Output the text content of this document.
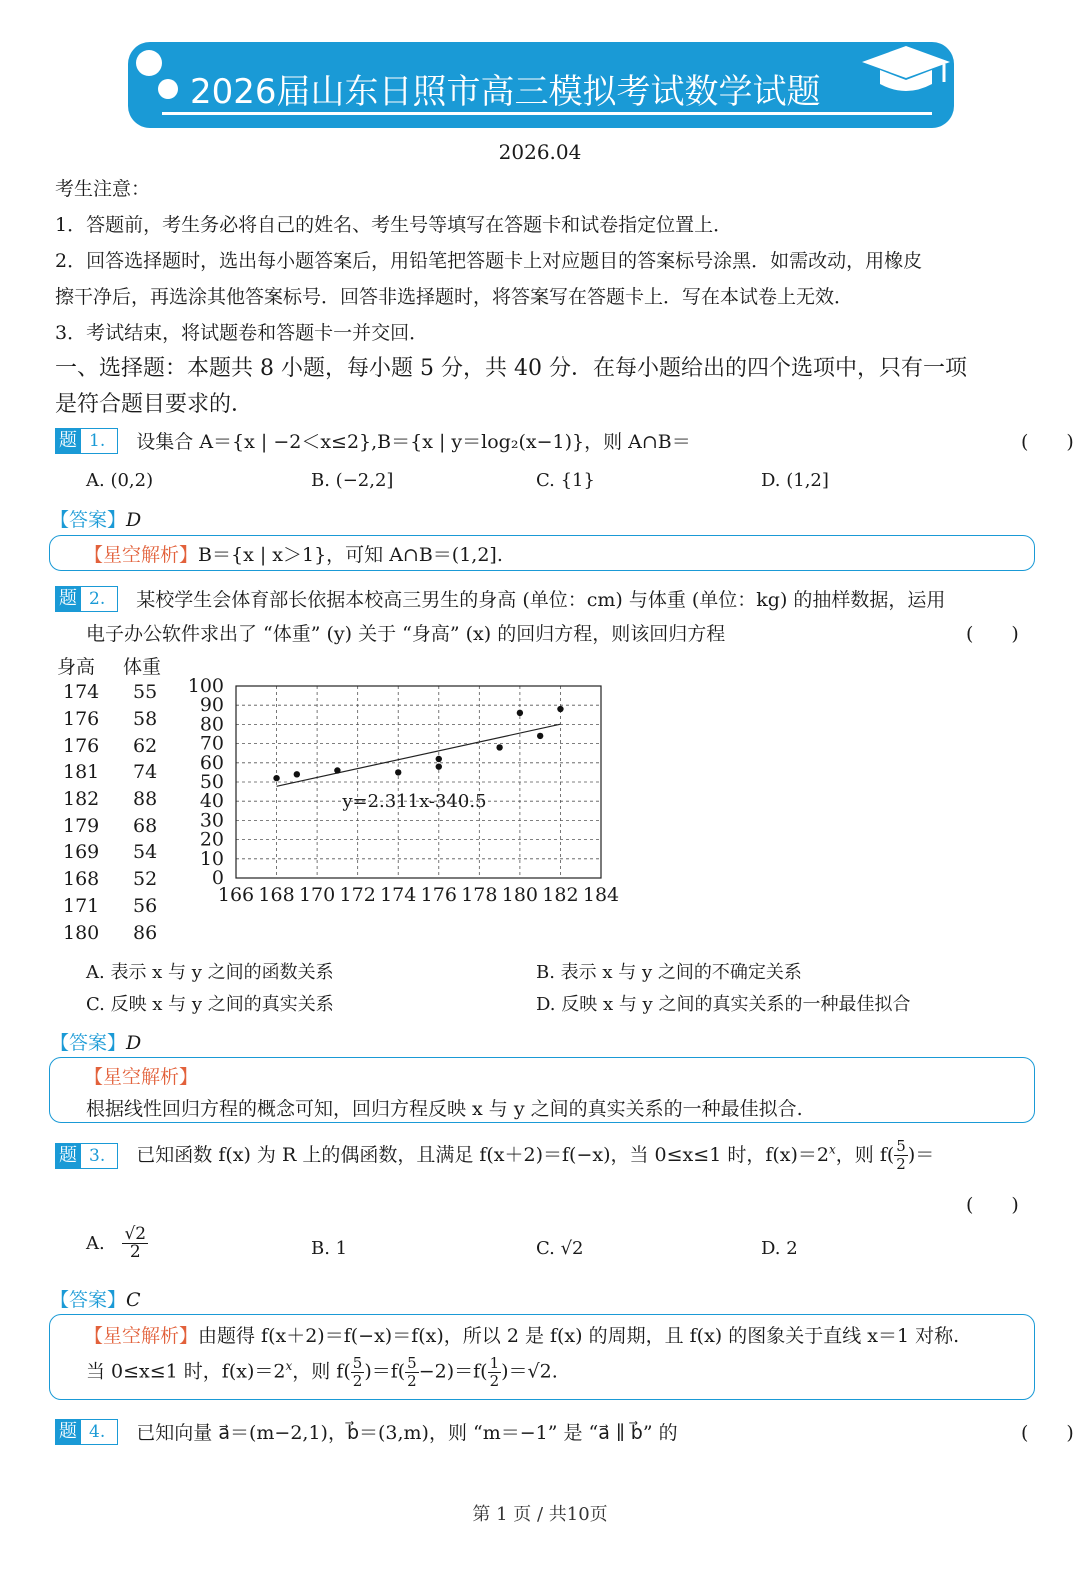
2026届山东日照市高三模拟考试数学试题
2026.04
考生注意：
1．答题前，考生务必将自己的姓名、考生号等填写在答题卡和试卷指定位置上．
2．回答选择题时，选出每小题答案后，用铅笔把答题卡上对应题目的答案标号涂黑．如需改动，用橡皮
擦干净后，再选涂其他答案标号．回答非选择题时，将答案写在答题卡上．写在本试卷上无效．
3．考试结束，将试题卷和答题卡一并交回．
一、选择题：本题共 8 小题，每小题 5 分，共 40 分．在每小题给出的四个选项中，只有一项
是符合题目要求的．
题 1. 设集合 A＝{x | −2＜x≤2},B＝{x | y＝log₂(x−1)}，则 A∩B＝	(　　)
A. (0,2)	B. (−2,2]	C. {1}	D. (1,2]
【答案】D
【星空解析】B＝{x | x＞1}，可知 A∩B＝(1,2].
题 2. 某校学生会体育部长依据本校高三男生的身高 (单位：cm) 与体重 (单位：kg) 的抽样数据，运用
电子办公软件求出了 “体重” (y) 关于 “身高” (x) 的回归方程，则该回归方程	(　　)
身高	体重
174	55
176	58
176	62
181	74
182	88
179	68
169	54
168	52
171	56
180	86
0
10
20
30
40
50
60
70
80
90
100
166 168 170 172 174 176 178 180 182 184
y=2.311x-340.5
A. 表示 x 与 y 之间的函数关系	B. 表示 x 与 y 之间的不确定关系
C. 反映 x 与 y 之间的真实关系	D. 反映 x 与 y 之间的真实关系的一种最佳拟合
【答案】D
【星空解析】
根据线性回归方程的概念可知，回归方程反映 x 与 y 之间的真实关系的一种最佳拟合.
题 3. 已知函数 f(x) 为 R 上的偶函数，且满足 f(x＋2)＝f(−x)，当 0≤x≤1 时，$f(x)=2^x$，则 $f( \frac{5}{2}$ )＝
(　　)
A. $\frac{√2}{2}$	B. 1	C. √2	D. 2
【答案】C
【星空解析】由题得 f(x＋2)＝f(−x)＝f(x)，所以 2 是 f(x) 的周期，且 f(x) 的图象关于直线 x＝1 对称.
当 0≤x≤1 时，$f(x)=2^x$，则 $f( \frac{5}{2} )=f( \frac{5}{2} -2)=f( \frac{1}{2} )=√2$.
题 4. 已知向量 a⃗＝(m−2,1)，b⃗＝(3,m)，则 “m＝−1” 是 “a⃗ ∥ b⃗” 的	(　　)
第 1 页 / 共10页
